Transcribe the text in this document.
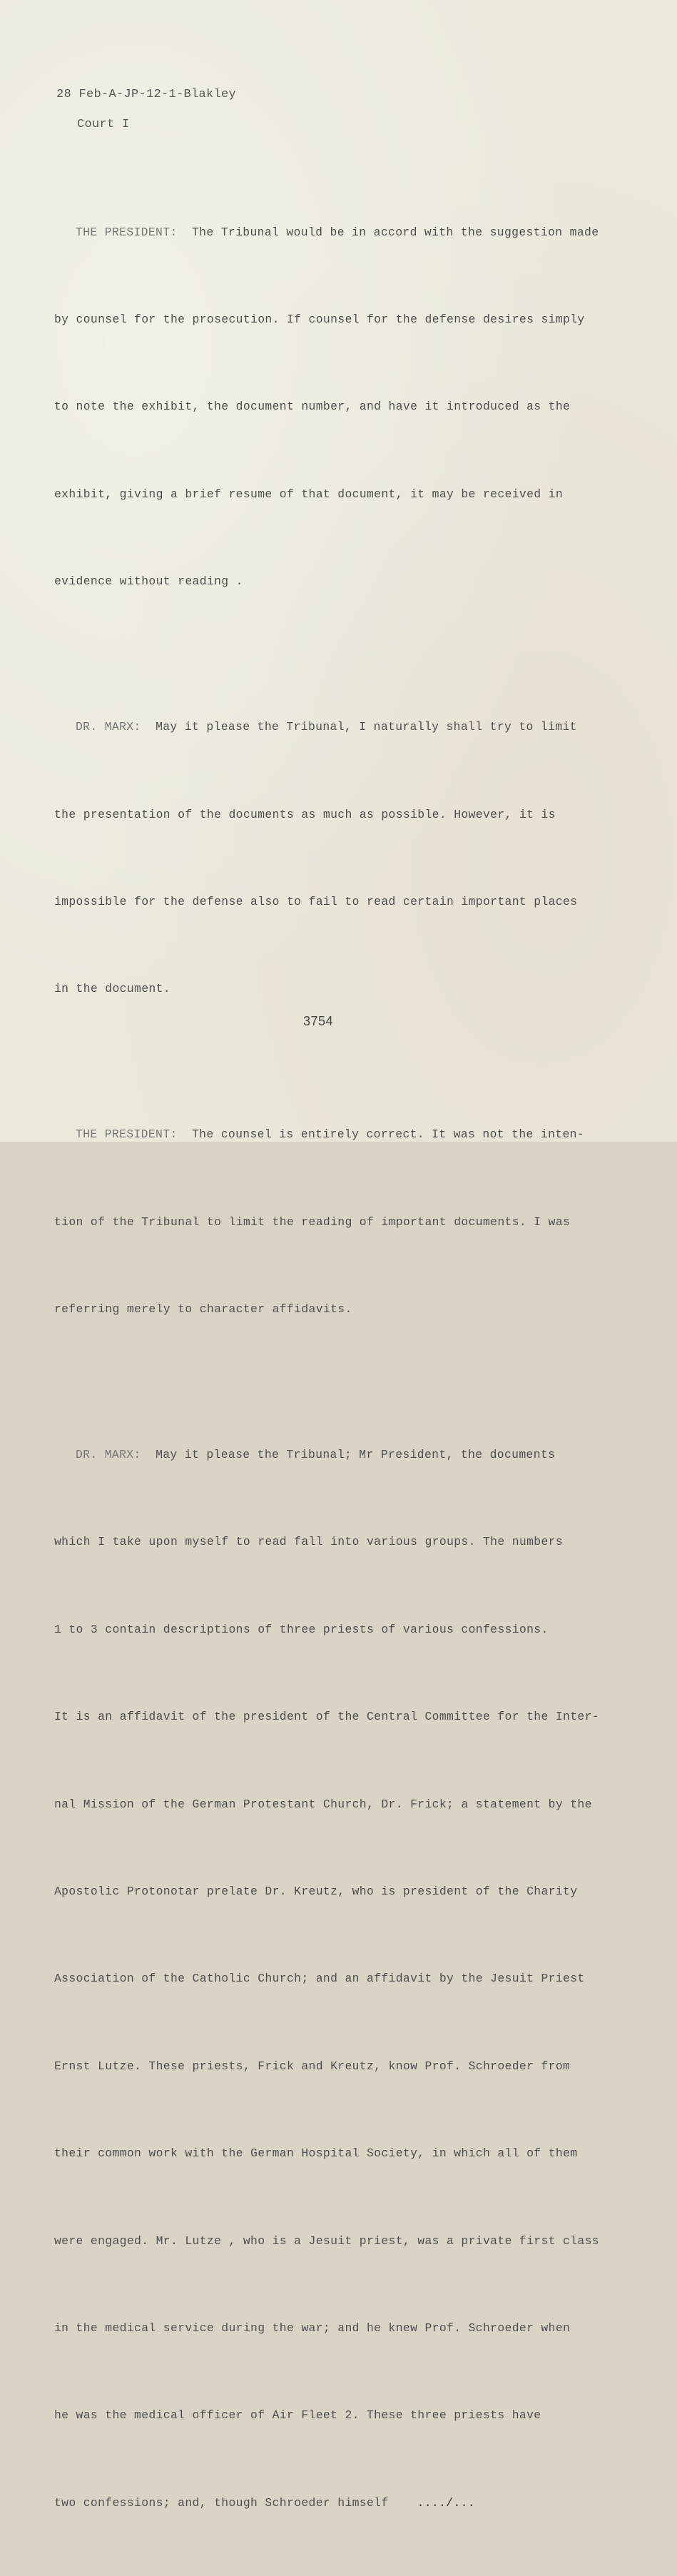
28 Feb-A-JP-12-1-Blakley
Court I

THE PRESIDENT: The Tribunal would be in accord with the suggestion made

by counsel for the prosecution. If counsel for the defense desires simply

to note the exhibit, the document number, and have it introduced as the

exhibit, giving a brief resume of that document, it may be received in

evidence without reading .

DR. MARX: May it please the Tribunal, I naturally shall try to limit

the presentation of the documents as much as possible. However, it is

impossible for the defense also to fail to read certain important places

in the document.

THE PRESIDENT: The counsel is entirely correct. It was not the inten-

tion of the Tribunal to limit the reading of important documents. I was

referring merely to character affidavits.

DR. MARX: May it please the Tribunal; Mr President, the documents

which I take upon myself to read fall into various groups. The numbers

1 to 3 contain descriptions of three priests of various confessions.

It is an affidavit of the president of the Central Committee for the Inter-

nal Mission of the German Protestant Church, Dr. Frick; a statement by the

Apostolic Protonotar prelate Dr. Kreutz, who is president of the Charity

Association of the Catholic Church; and an affidavit by the Jesuit Priest

Ernst Lutze. These priests, Frick and Kreutz, know Prof. Schroeder from

their common work with the German Hospital Society, in which all of them

were engaged. Mr. Lutze , who is a Jesuit priest, was a private first class

in the medical service during the war; and he knew Prof. Schroeder when

he was the medical officer of Air Fleet 2. These three priests have

two confessions; and, though Schroeder himself ..../...

3754
